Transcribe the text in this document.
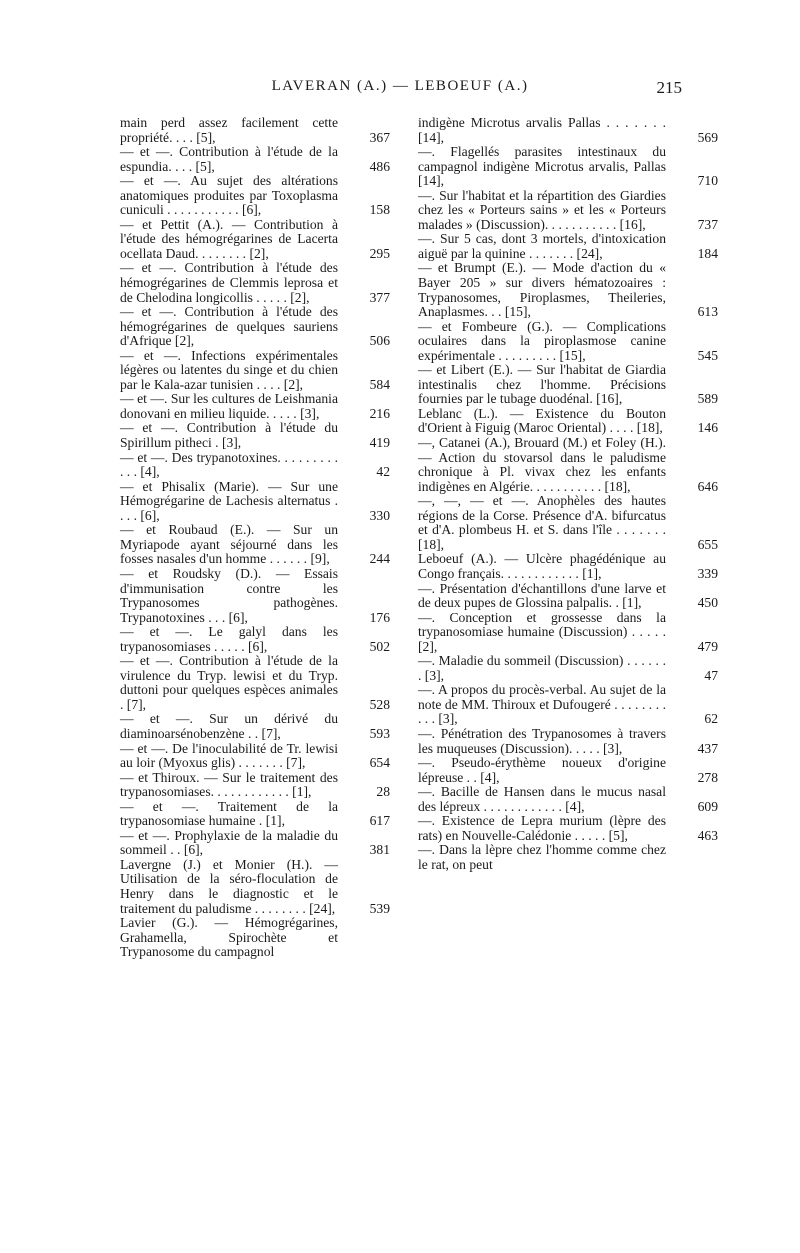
LAVERAN (A.) — LEBOEUF (A.)	215
main perd assez facilement cette propriété. . . . [5],	367
— et —. Contribution à l'étude de la espundia. . . . [5],	486
— et —. Au sujet des altérations anatomiques produites par Toxoplasma cuniculi . . . . . . . . . . . [6],	158
— et Pettit (A.). — Contribution à l'étude des hémogrégarines de Lacerta ocellata Daud. . . . . . . . [2],	295
— et —. Contribution à l'étude des hémogrégarines de Clemmis leprosa et de Chelodina longicollis . . . . . [2],	377
— et —. Contribution à l'étude des hémogrégarines de quelques sauriens d'Afrique [2],	506
— et —. Infections expérimentales légères ou latentes du singe et du chien par le Kala-azar tunisien . . . . [2],	584
— et —. Sur les cultures de Leishmania donovani en milieu liquide. . . . . [3],	216
— et —. Contribution à l'étude du Spirillum pitheci . [3],	419
— et —. Des trypanotoxines. . . . . . . . . . . . [4],	42
— et Phisalix (Marie). — Sur une Hémogrégarine de Lachesis alternatus . . . . [6],	330
— et Roubaud (E.). — Sur un Myriapode ayant séjourné dans les fosses nasales d'un homme . . . . . . [9],	244
— et Roudsky (D.). — Essais d'immunisation contre les Trypanosomes pathogènes. Trypanotoxines . . . [6],	176
— et —. Le galyl dans les trypanosomiases . . . . . [6],	502
— et —. Contribution à l'étude de la virulence du Tryp. lewisi et du Tryp. duttoni pour quelques espèces animales . [7],	528
— et —. Sur un dérivé du diaminoarsénobenzène . . [7],	593
— et —. De l'inoculabilité de Tr. lewisi au loir (Myoxus glis) . . . . . . . [7],	654
— et Thiroux. — Sur le traitement des trypanosomiases. . . . . . . . . . . . [1],	28
— et —. Traitement de la trypanosomiase humaine . [1],	617
— et —. Prophylaxie de la maladie du sommeil . . [6],	381
Lavergne (J.) et Monier (H.). — Utilisation de la séro-floculation de Henry dans le diagnostic et le traitement du paludisme . . . . . . . . [24],	539
Lavier (G.). — Hémogrégarines, Grahamella, Spirochète et Trypanosome du campagnol
indigène Microtus arvalis Pallas . . . . . . . [14],	569
—. Flagellés parasites intestinaux du campagnol indigène Microtus arvalis, Pallas [14],	710
—. Sur l'habitat et la répartition des Giardies chez les « Porteurs sains » et les « Porteurs malades » (Discussion). . . . . . . . . . . [16],	737
—. Sur 5 cas, dont 3 mortels, d'intoxication aiguë par la quinine . . . . . . . [24],	184
— et Brumpt (E.). — Mode d'action du « Bayer 205 » sur divers hématozoaires : Trypanosomes, Piroplasmes, Theileries, Anaplasmes. . . [15],	613
— et Fombeure (G.). — Complications oculaires dans la piroplasmose canine expérimentale . . . . . . . . . [15],	545
— et Libert (E.). — Sur l'habitat de Giardia intestinalis chez l'homme. Précisions fournies par le tubage duodénal. [16],	589
Leblanc (L.). — Existence du Bouton d'Orient à Figuig (Maroc Oriental) . . . . [18],	146
—, Catanei (A.), Brouard (M.) et Foley (H.). — Action du stovarsol dans le paludisme chronique à Pl. vivax chez les enfants indigènes en Algérie. . . . . . . . . . . [18],	646
—, —, — et —. Anophèles des hautes régions de la Corse. Présence d'A. bifurcatus et d'A. plombeus H. et S. dans l'île . . . . . . . [18],	655
Leboeuf (A.). — Ulcère phagédénique au Congo français. . . . . . . . . . . . [1],	339
—. Présentation d'échantillons d'une larve et de deux pupes de Glossina palpalis. . [1],	450
—. Conception et grossesse dans la trypanosomiase humaine (Discussion) . . . . . [2],	479
—. Maladie du sommeil (Discussion) . . . . . . . [3],	47
—. A propos du procès-verbal. Au sujet de la note de MM. Thiroux et Dufougeré . . . . . . . . . . . [3],	62
—. Pénétration des Trypanosomes à travers les muqueuses (Discussion). . . . . [3],	437
—. Pseudo-érythème noueux d'origine lépreuse . . [4],	278
—. Bacille de Hansen dans le mucus nasal des lépreux . . . . . . . . . . . . [4],	609
—. Existence de Lepra murium (lèpre des rats) en Nouvelle-Calédonie . . . . . [5],	463
—. Dans la lèpre chez l'homme comme chez le rat, on peut
